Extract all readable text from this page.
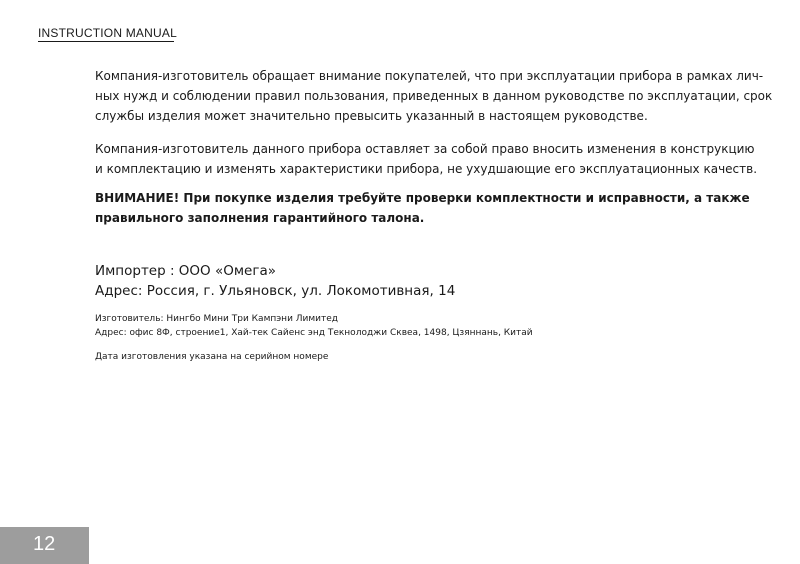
INSTRUCTION MANUAL

Компания-изготовитель обращает внимание покупателей, что при эксплуатации прибора в рамках лич-
ных нужд и соблюдении правил пользования, приведенных в данном руководстве по эксплуатации, срок
службы изделия может значительно превысить указанный в настоящем руководстве.

Компания-изготовитель данного прибора оставляет за собой право вносить изменения в конструкцию
и комплектацию и изменять характеристики прибора, не ухудшающие его эксплуатационных качеств.

ВНИМАНИЕ! При покупке изделия требуйте проверки комплектности и исправности, а также
правильного заполнения гарантийного талона.

Импортер : ООО «Омега»
Адрес: Россия, г. Ульяновск, ул. Локомотивная, 14
Изготовитель: Нингбо Мини Три Кампэни Лимитед
Адрес: офис 8Ф, строение1, Хай-тек Сайенс энд Текнолоджи Сквеа, 1498, Цзяннань, Китай
Дата изготовления указана на серийном номере
12
